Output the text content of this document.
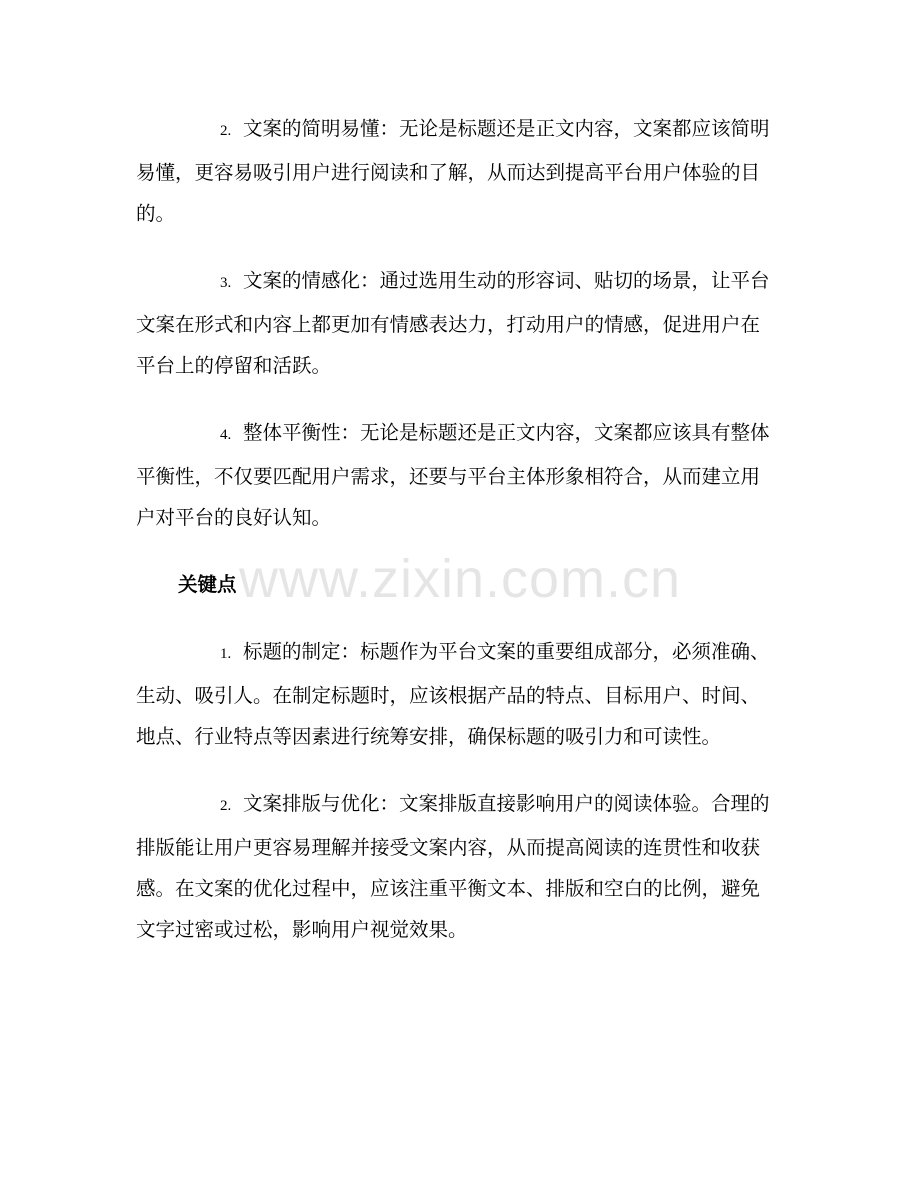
2. 文案的简明易懂：无论是标题还是正文内容，文案都应该简明易懂，更容易吸引用户进行阅读和了解，从而达到提高平台用户体验的目的。

3. 文案的情感化：通过选用生动的形容词、贴切的场景，让平台文案在形式和内容上都更加有情感表达力，打动用户的情感，促进用户在平台上的停留和活跃。

4. 整体平衡性：无论是标题还是正文内容，文案都应该具有整体平衡性，不仅要匹配用户需求，还要与平台主体形象相符合，从而建立用户对平台的良好认知。

关键点

1. 标题的制定：标题作为平台文案的重要组成部分，必须准确、生动、吸引人。在制定标题时，应该根据产品的特点、目标用户、时间、地点、行业特点等因素进行统筹安排，确保标题的吸引力和可读性。

2. 文案排版与优化：文案排版直接影响用户的阅读体验。合理的排版能让用户更容易理解并接受文案内容，从而提高阅读的连贯性和收获感。在文案的优化过程中，应该注重平衡文本、排版和空白的比例，避免文字过密或过松，影响用户视觉效果。

www.zixin.com.cn
